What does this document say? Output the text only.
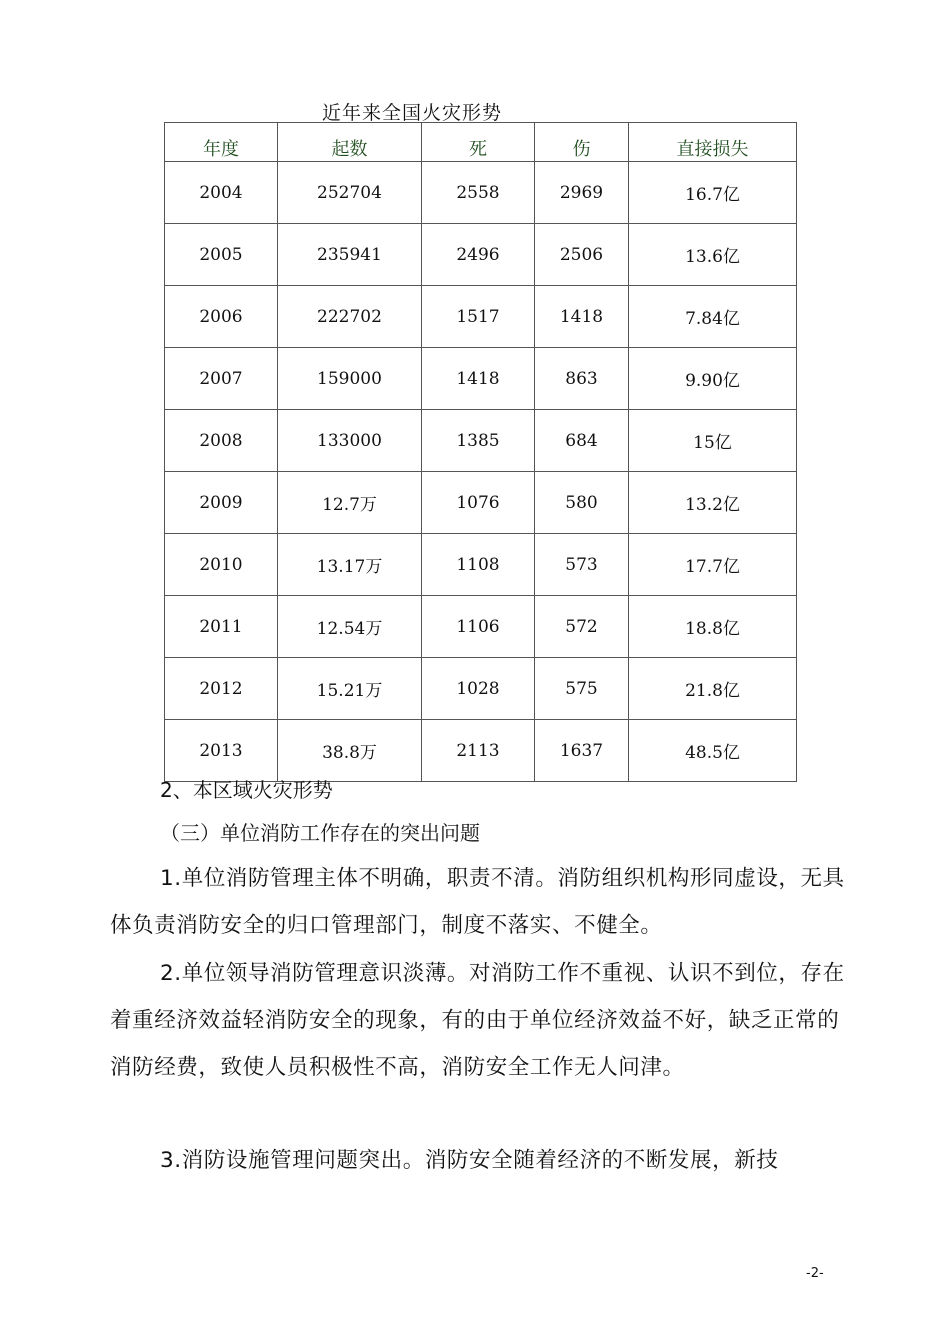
近年来全国火灾形势
年度	起数	死	伤	直接损失
2004	252704	2558	2969	16.7亿
2005	235941	2496	2506	13.6亿
2006	222702	1517	1418	7.84亿
2007	159000	1418	863	9.90亿
2008	133000	1385	684	15亿
2009	12.7万	1076	580	13.2亿
2010	13.17万	1108	573	17.7亿
2011	12.54万	1106	572	18.8亿
2012	15.21万	1028	575	21.8亿
2013	38.8万	2113	1637	48.5亿
2、本区域火灾形势
（三）单位消防工作存在的突出问题

1.单位消防管理主体不明确，职责不清。消防组织机构形同虚设，无具体负责消防安全的归口管理部门，制度不落实、不健全。

2.单位领导消防管理意识淡薄。对消防工作不重视、认识不到位，存在着重经济效益轻消防安全的现象，有的由于单位经济效益不好，缺乏正常的消防经费，致使人员积极性不高，消防安全工作无人问津。

3.消防设施管理问题突出。消防安全随着经济的不断发展，新技

-2-
